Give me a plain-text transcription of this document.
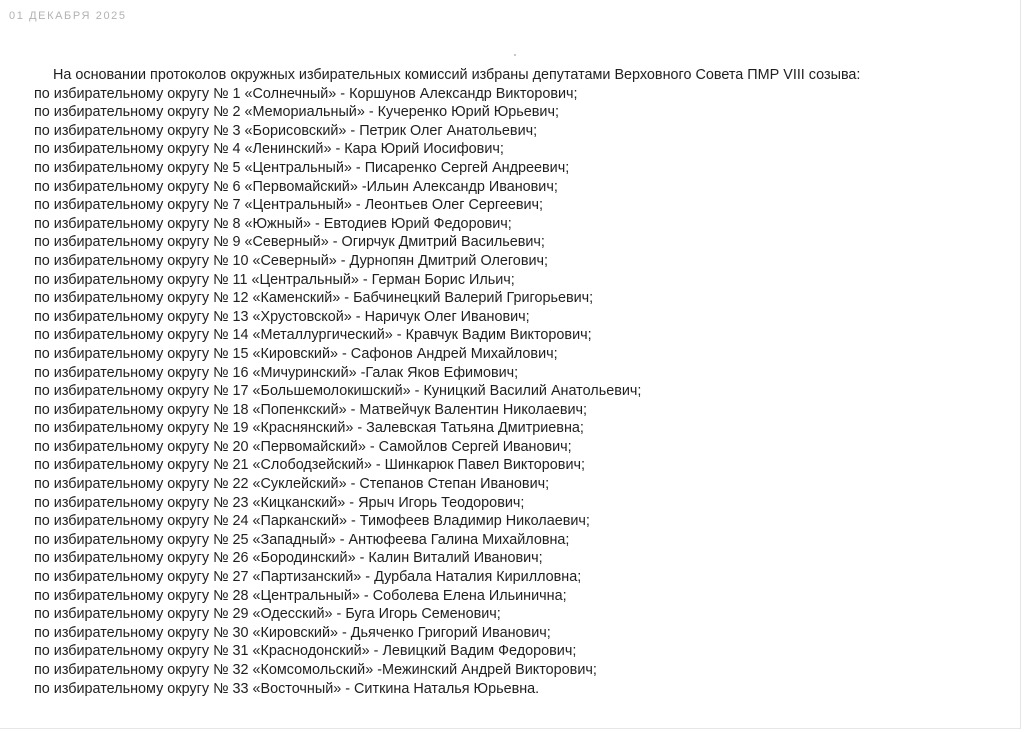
01 ДЕКАБРЯ 2025

На основании протоколов окружных избирательных комиссий избраны депутатами Верховного Совета ПМР VIII созыва:

по избирательному округу № 1 «Солнечный» - Коршунов Александр Викторович;
по избирательному округу № 2 «Мемориальный» - Кучеренко Юрий Юрьевич;
по избирательному округу № 3 «Борисовский» - Петрик Олег Анатольевич;
по избирательному округу № 4 «Ленинский» - Кара Юрий Иосифович;
по избирательному округу № 5 «Центральный» - Писаренко Сергей Андреевич;
по избирательному округу № 6 «Первомайский» -Ильин Александр Иванович;
по избирательному округу № 7 «Центральный» - Леонтьев Олег Сергеевич;
по избирательному округу № 8 «Южный» - Евтодиев Юрий Федорович;
по избирательному округу № 9 «Северный» - Огирчук Дмитрий Васильевич;
по избирательному округу № 10 «Северный» - Дурнопян Дмитрий Олегович;
по избирательному округу № 11 «Центральный» - Герман Борис Ильич;
по избирательному округу № 12 «Каменский» - Бабчинецкий Валерий Григорьевич;
по избирательному округу № 13 «Хрустовской» - Наричук Олег Иванович;
по избирательному округу № 14 «Металлургический» - Кравчук Вадим Викторович;
по избирательному округу № 15 «Кировский» - Сафонов Андрей Михайлович;
по избирательному округу № 16 «Мичуринский» -Галак Яков Ефимович;
по избирательному округу № 17 «Большемолокишский» - Куницкий Василий Анатольевич;
по избирательному округу № 18 «Попенкский» - Матвейчук Валентин Николаевич;
по избирательному округу № 19 «Краснянский» - Залевская Татьяна Дмитриевна;
по избирательному округу № 20 «Первомайский» - Самойлов Сергей Иванович;
по избирательному округу № 21 «Слободзейский» - Шинкарюк Павел Викторович;
по избирательному округу № 22 «Суклейский» - Степанов Степан Иванович;
по избирательному округу № 23 «Кицканский» - Ярыч Игорь Теодорович;
по избирательному округу № 24 «Парканский» - Тимофеев Владимир Николаевич;
по избирательному округу № 25 «Западный» - Антюфеева Галина Михайловна;
по избирательному округу № 26 «Бородинский» - Калин Виталий Иванович;
по избирательному округу № 27 «Партизанский» - Дурбала Наталия Кирилловна;
по избирательному округу № 28 «Центральный» - Соболева Елена Ильинична;
по избирательному округу № 29 «Одесский» - Буга Игорь Семенович;
по избирательному округу № 30 «Кировский» - Дьяченко Григорий Иванович;
по избирательному округу № 31 «Краснодонский» - Левицкий Вадим Федорович;
по избирательному округу № 32 «Комсомольский» -Межинский Андрей Викторович;
по избирательному округу № 33 «Восточный» - Ситкина Наталья Юрьевна.
